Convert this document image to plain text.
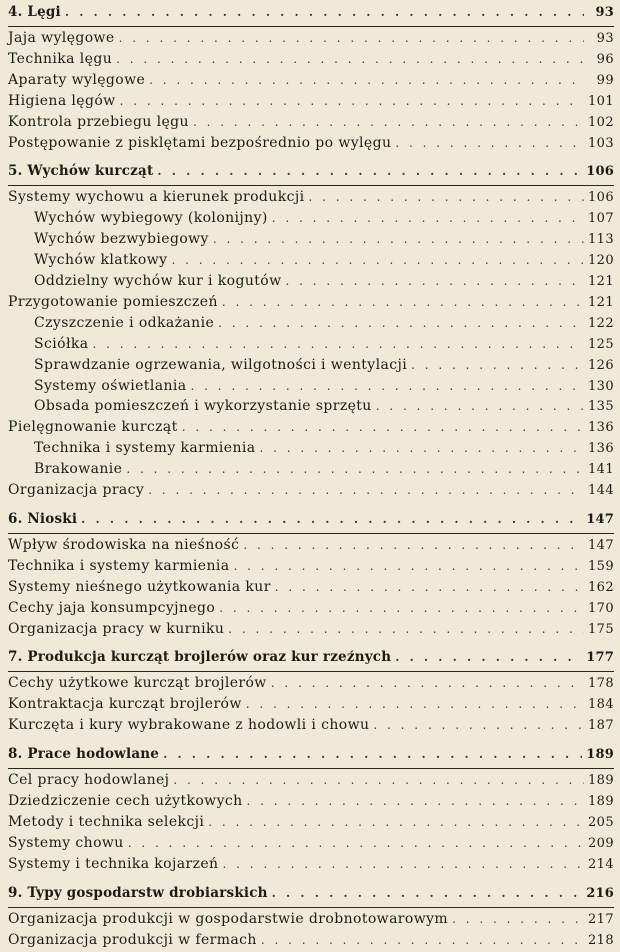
4. Lęgi . . .	93
Jaja wylęgowe . . .	93
Technika lęgu . . .	96
Aparaty wylęgowe . . .	99
Higiena lęgów . . .	101
Kontrola przebiegu lęgu . . .	102
Postępowanie z pisklętami bezpośrednio po wylęgu . . .	103
5. Wychów kurcząt . . .	106
Systemy wychowu a kierunek produkcji . . .	106
Wychów wybiegowy (kolonijny) . . .	107
Wychów bezwybiegowy . . .	113
Wychów klatkowy . . .	120
Oddzielny wychów kur i kogutów . . .	121
Przygotowanie pomieszczeń . . .	121
Czyszczenie i odkażanie . . .	122
Sciółka . . .	125
Sprawdzanie ogrzewania, wilgotności i wentylacji . . .	126
Systemy oświetlania . . .	130
Obsada pomieszczeń i wykorzystanie sprzętu . . .	135
Pielęgnowanie kurcząt . . .	136
Technika i systemy karmienia . . .	136
Brakowanie . . .	141
Organizacja pracy . . .	144
6. Nioski . . .	147
Wpływ środowiska na nieśność . . .	147
Technika i systemy karmienia . . .	159
Systemy nieśnego użytkowania kur . . .	162
Cechy jaja konsumpcyjnego . . .	170
Organizacja pracy w kurniku . . .	175
7. Produkcja kurcząt brojlerów oraz kur rzeźnych . . .	177
Cechy użytkowe kurcząt brojlerów . . .	178
Kontraktacja kurcząt brojlerów . . .	184
Kurczęta i kury wybrakowane z hodowli i chowu . . .	187
8. Prace hodowlane . . .	189
Cel pracy hodowlanej . . .	189
Dziedziczenie cech użytkowych . . .	189
Metody i technika selekcji . . .	205
Systemy chowu . . .	209
Systemy i technika kojarzeń . . .	214
9. Typy gospodarstw drobiarskich . . .	216
Organizacja produkcji w gospodarstwie drobnotowarowym . . .	217
Organizacja produkcji w fermach . . .	218
